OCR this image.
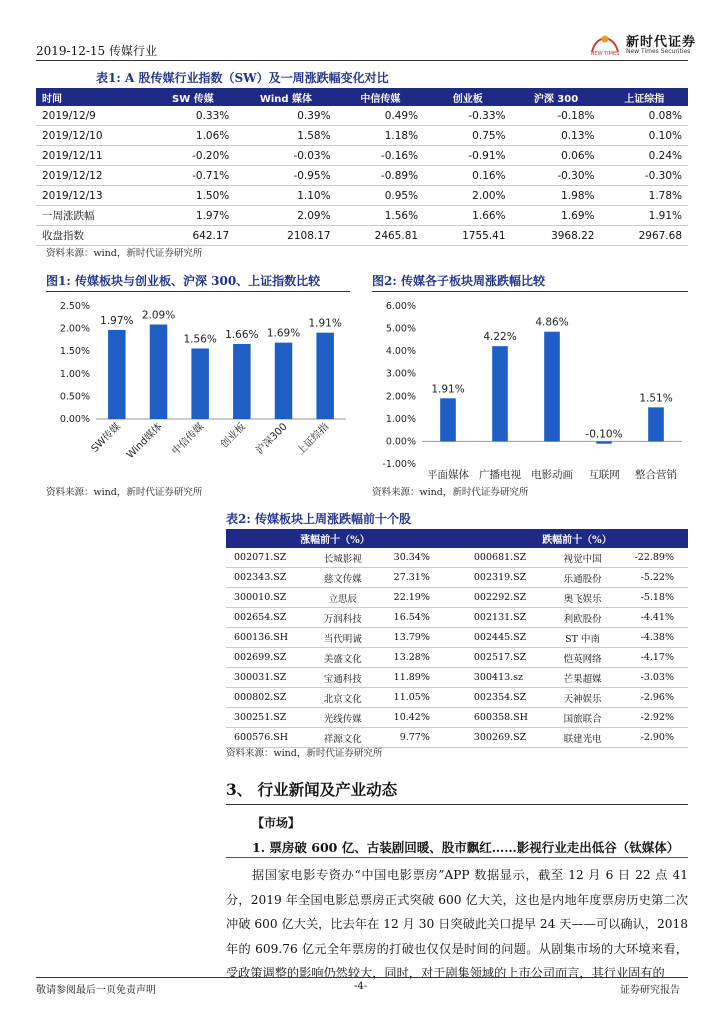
2019-12-15 传媒行业	NEW TIMES
新时代证券
New Times Securities
表1: A 股传媒行业指数（SW）及一周涨跌幅变化对比
时间	SW 传媒	Wind 媒体	中信传媒	创业板	沪深 300	上证综指
2019/12/9	0.33%	0.39%	0.49%	-0.33%	-0.18%	0.08%
2019/12/10	1.06%	1.58%	1.18%	0.75%	0.13%	0.10%
2019/12/11	-0.20%	-0.03%	-0.16%	-0.91%	0.06%	0.24%
2019/12/12	-0.71%	-0.95%	-0.89%	0.16%	-0.30%	-0.30%
2019/12/13	1.50%	1.10%	0.95%	2.00%	1.98%	1.78%
一周涨跌幅	1.97%	2.09%	1.56%	1.66%	1.69%	1.91%
收盘指数	642.17	2108.17	2465.81	1755.41	3968.22	2967.68
资料来源：wind，新时代证券研究所
图1: 传媒板块与创业板、沪深 300、上证指数比较
0.00%
0.50%
1.00%
1.50%
2.00%
2.50%
1.97%
SW传媒
2.09%
Wind媒体
1.56%
中信传媒
1.66%
创业板
1.69%
沪深300
1.91%
上证综指
资料来源：wind，新时代证券研究所
图2: 传媒各子板块周涨跌幅比较
-1.00%
0.00%
1.00%
2.00%
3.00%
4.00%
5.00%
6.00%
1.91%
平面媒体
4.22%
广播电视
4.86%
电影动画
-0.10%
互联网
1.51%
整合营销
资料来源：wind，新时代证券研究所
表2: 传媒板块上周涨跌幅前十个股
涨幅前十（%）				跌幅前十（%）		
002071.SZ	长城影视	30.34%		000681.SZ	视觉中国	-22.89%
002343.SZ	慈文传媒	27.31%		002319.SZ	乐通股份	-5.22%
300010.SZ	立思辰	22.19%		002292.SZ	奥飞娱乐	-5.18%
002654.SZ	万润科技	16.54%		002131.SZ	利欧股份	-4.41%
600136.SH	当代明诚	13.79%		002445.SZ	ST 中南	-4.38%
002699.SZ	美盛文化	13.28%		002517.SZ	恺英网络	-4.17%
300031.SZ	宝通科技	11.89%		300413.sz	芒果超媒	-3.03%
000802.SZ	北京文化	11.05%		002354.SZ	天神娱乐	-2.96%
300251.SZ	光线传媒	10.42%		600358.SH	国旅联合	-2.92%
600576.SH	祥源文化	9.77%		300269.SZ	联建光电	-2.90%
资料来源：wind，新时代证券研究所
3、 行业新闻及产业动态
【市场】
1. 票房破 600 亿、古装剧回暖、股市飘红……影视行业走出低谷（钛媒体）
据国家电影专资办“中国电影票房”APP 数据显示，截至 12 月 6 日 22 点 41 分，2019 年全国电影总票房正式突破 600 亿大关，这也是内地年度票房历史第二次冲破 600 亿大关，比去年在 12 月 30 日突破此关口提早 24 天——可以确认，2018 年的 609.76 亿元全年票房的打破也仅仅是时间的问题。从剧集市场的大环境来看，受政策调整的影响仍然较大，同时，对于剧集领域的上市公司而言，其行业固有的
敬请参阅最后一页免责声明	-4-	证券研究报告
